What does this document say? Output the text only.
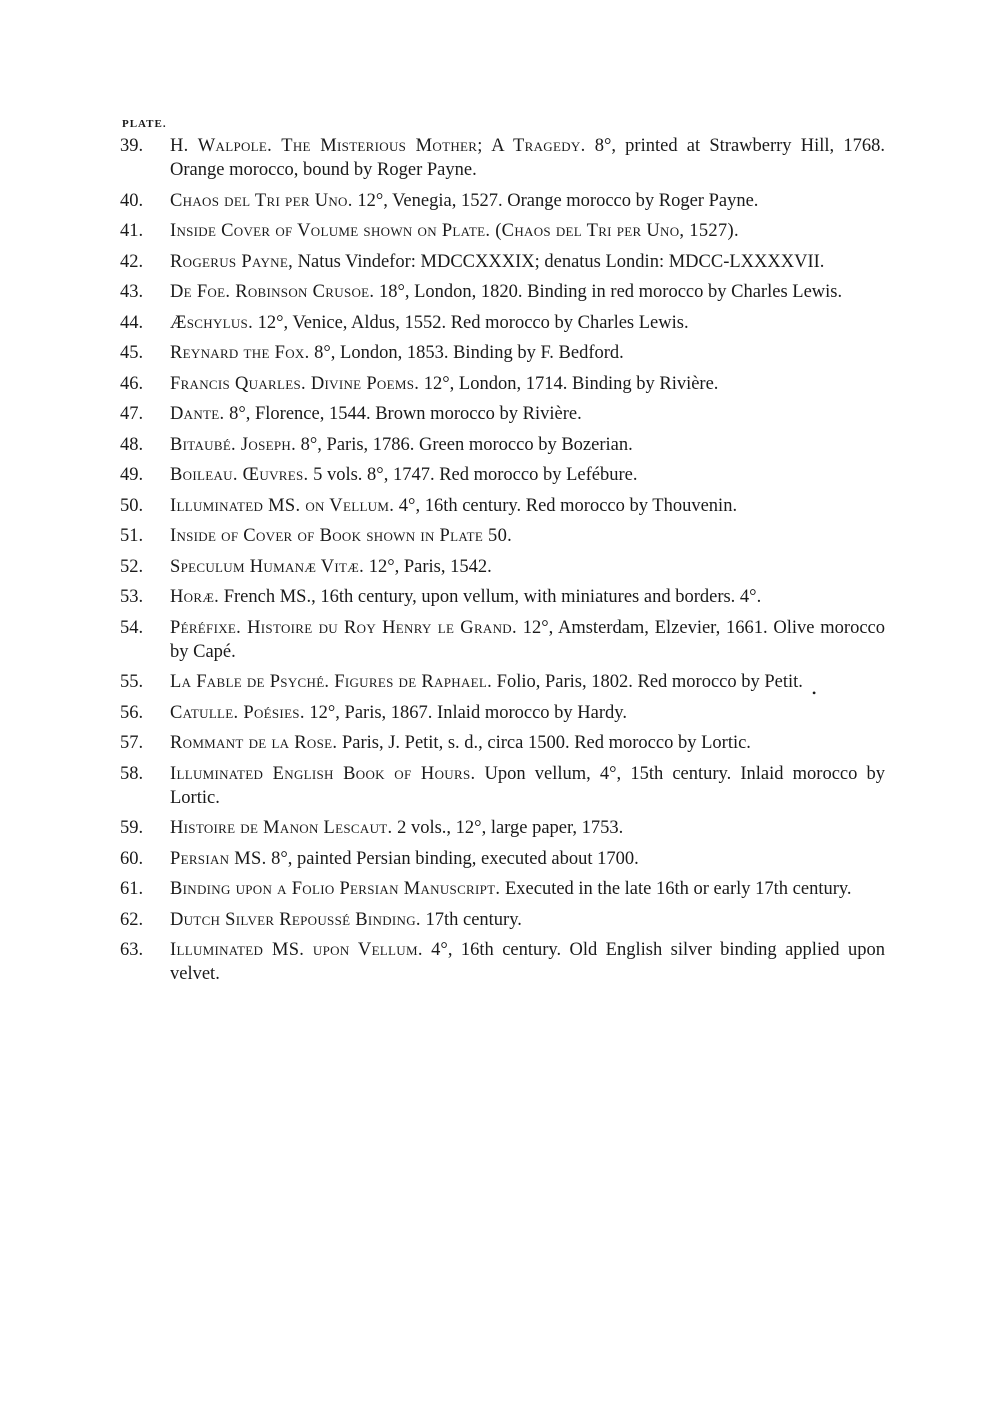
PLATE.
39.	H. Walpole. The Misterious Mother; A Tragedy. 8°, printed at Strawberry Hill, 1768. Orange morocco, bound by Roger Payne.
40.	Chaos del Tri per Uno. 12°, Venegia, 1527. Orange morocco by Roger Payne.
41.	Inside Cover of Volume shown on Plate. (Chaos del Tri per Uno, 1527).
42.	Rogerus Payne, Natus Vindefor: MDCCXXXIX; denatus Londin: MDCC-LXXXXVII.
43.	De Foe. Robinson Crusoe. 18°, London, 1820. Binding in red morocco by Charles Lewis.
44.	Æschylus. 12°, Venice, Aldus, 1552. Red morocco by Charles Lewis.
45.	Reynard the Fox. 8°, London, 1853. Binding by F. Bedford.
46.	Francis Quarles. Divine Poems. 12°, London, 1714. Binding by Rivière.
47.	Dante. 8°, Florence, 1544. Brown morocco by Rivière.
48.	Bitaubé. Joseph. 8°, Paris, 1786. Green morocco by Bozerian.
49.	Boileau. Œuvres. 5 vols. 8°, 1747. Red morocco by Lefébure.
50.	Illuminated MS. on Vellum. 4°, 16th century. Red morocco by Thouvenin.
51.	Inside of Cover of Book shown in Plate 50.
52.	Speculum Humanæ Vitæ. 12°, Paris, 1542.
53.	Horæ. French MS., 16th century, upon vellum, with miniatures and borders. 4°.
54.	Péréfixe. Histoire du Roy Henry le Grand. 12°, Amsterdam, Elzevier, 1661. Olive morocco by Capé.
55.	La Fable de Psyché. Figures de Raphael. Folio, Paris, 1802. Red morocco by Petit.
56.	Catulle. Poésies. 12°, Paris, 1867. Inlaid morocco by Hardy.
57.	Rommant de la Rose. Paris, J. Petit, s. d., circa 1500. Red morocco by Lortic.
58.	Illuminated English Book of Hours. Upon vellum, 4°, 15th century. Inlaid morocco by Lortic.
59.	Histoire de Manon Lescaut. 2 vols., 12°, large paper, 1753.
60.	Persian MS. 8°, painted Persian binding, executed about 1700.
61.	Binding upon a Folio Persian Manuscript. Executed in the late 16th or early 17th century.
62.	Dutch Silver Repoussé Binding. 17th century.
63.	Illuminated MS. upon Vellum. 4°, 16th century. Old English silver binding applied upon velvet.
•
